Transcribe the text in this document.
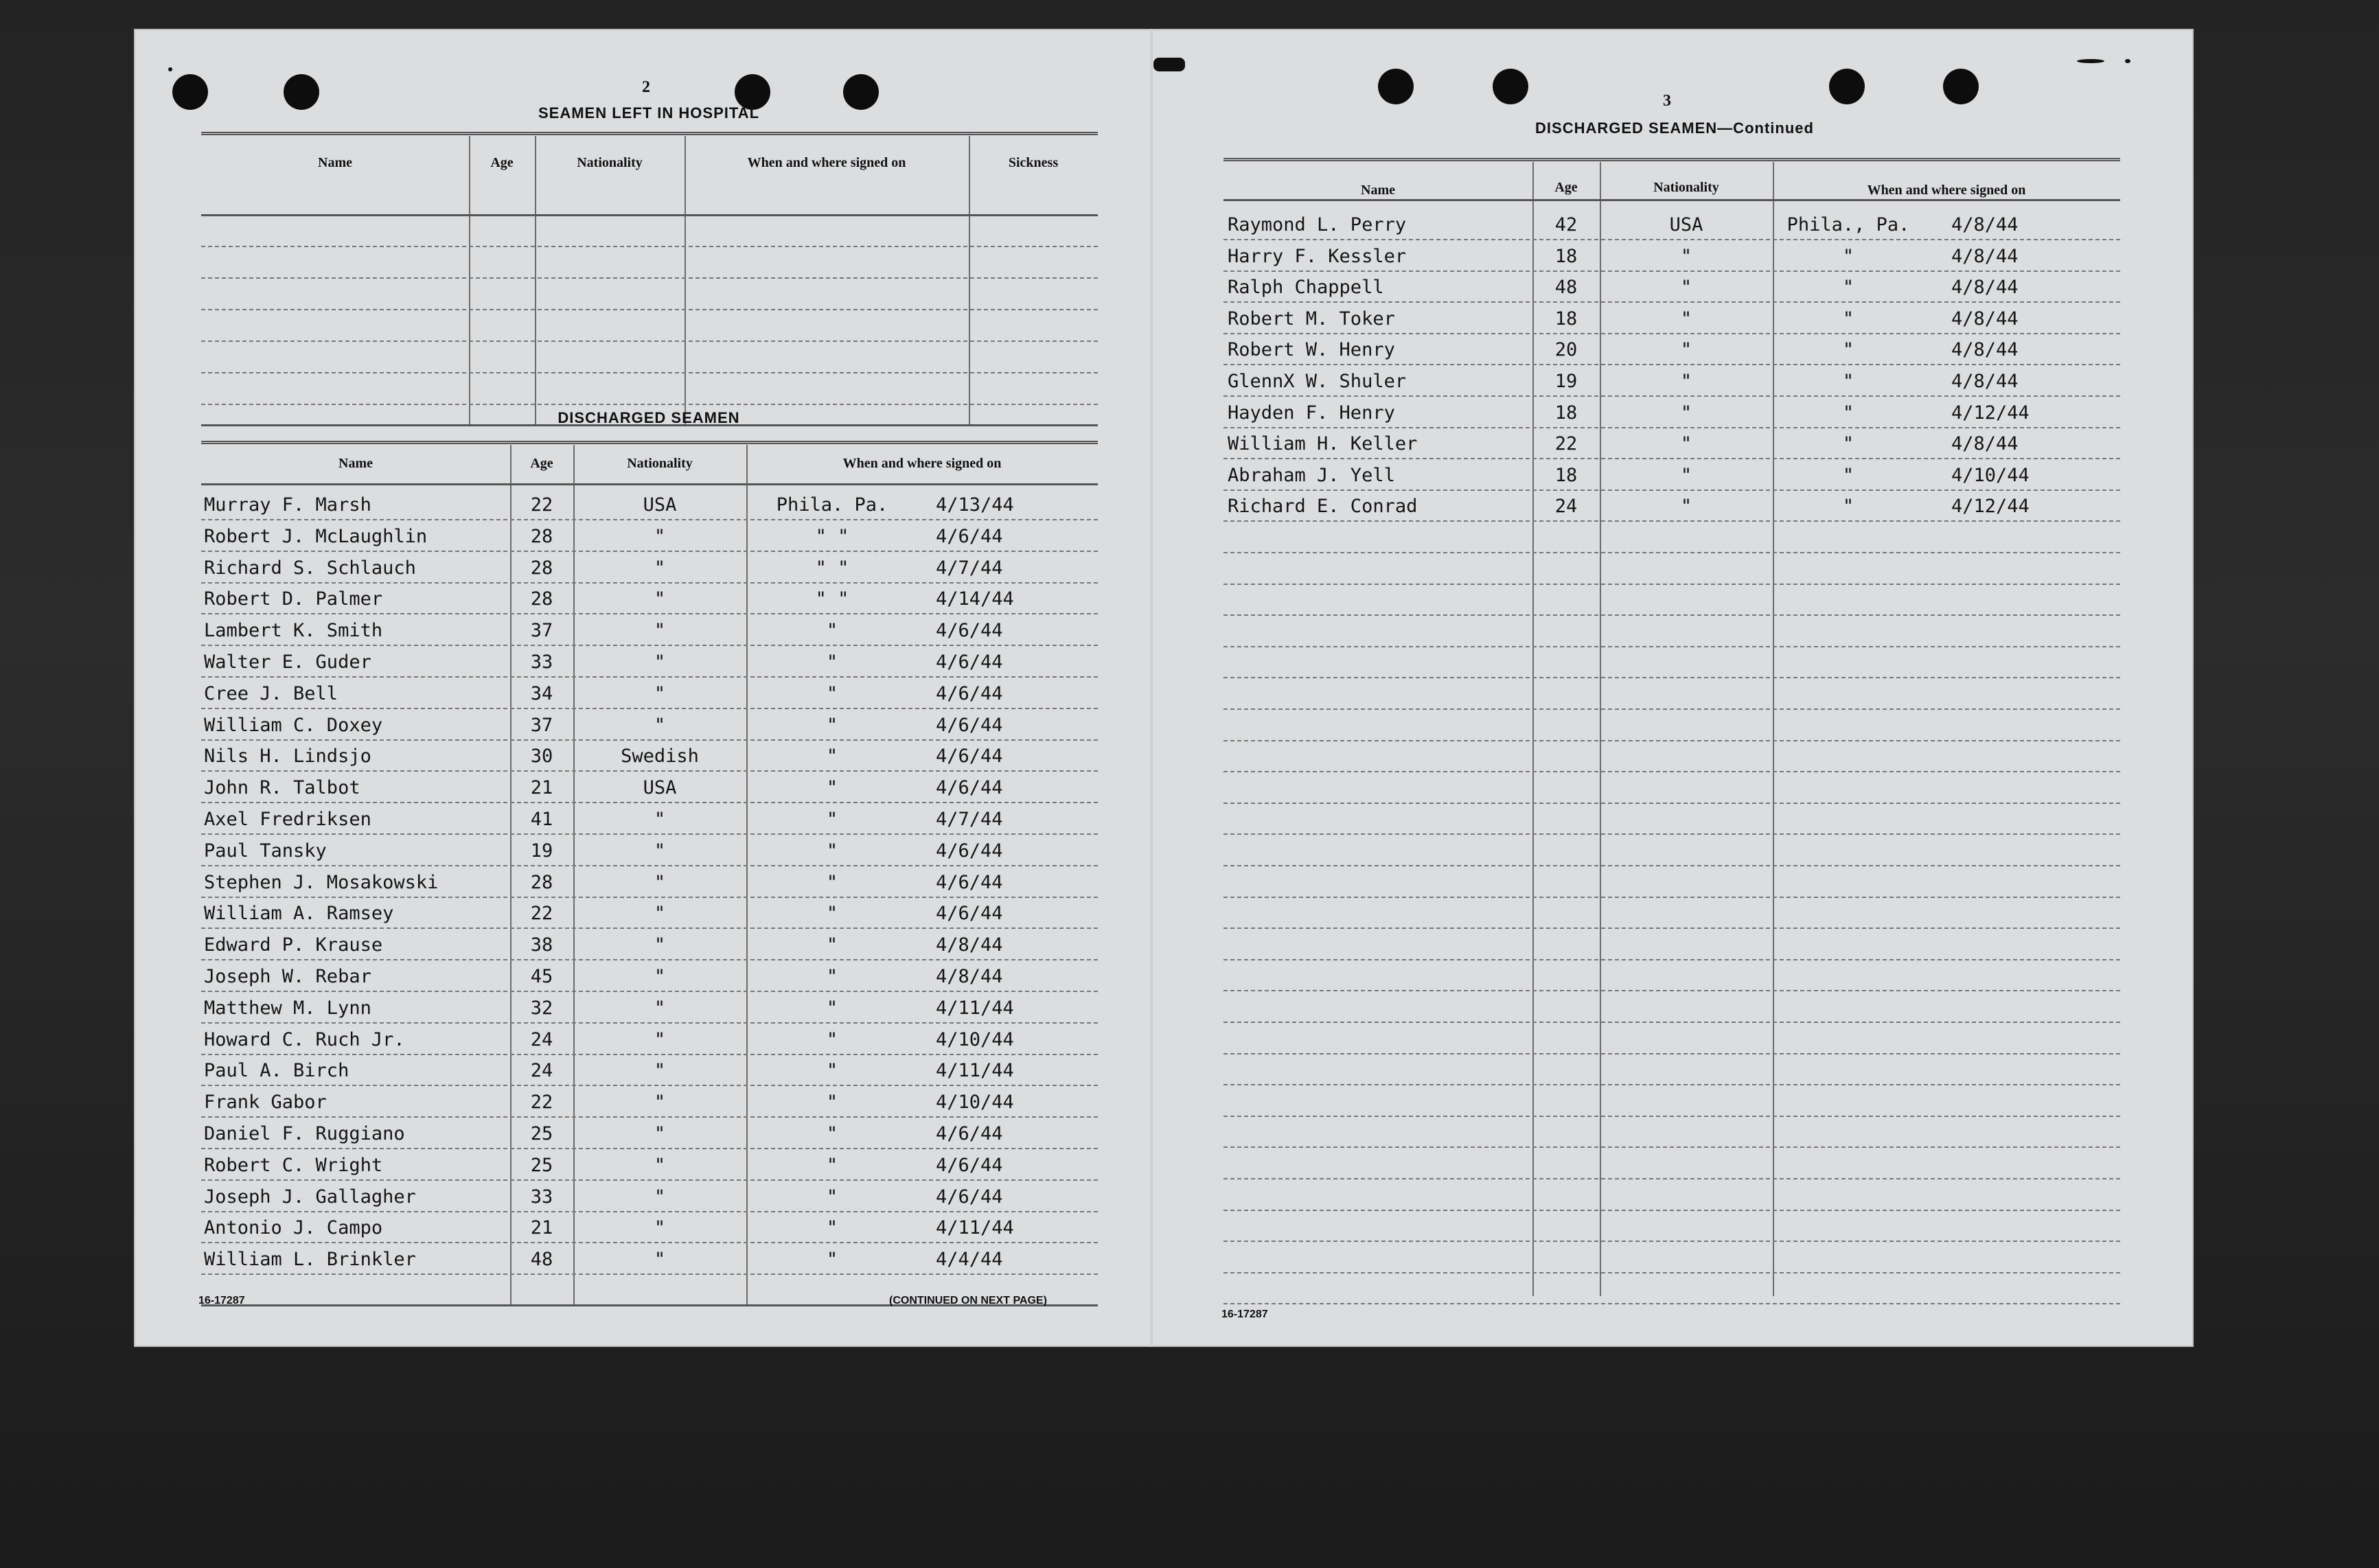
2
SEAMEN LEFT IN HOSPITAL
Name	Age	Nationality	When and where signed on	Sickness
DISCHARGED SEAMEN
Name	Age	Nationality	When and where signed on
Murray F. Marsh	22	USA	Phila. Pa.	4/13/44
Robert J. McLaughlin	28	"	" "	4/6/44
Richard S. Schlauch	28	"	" "	4/7/44
Robert D. Palmer	28	"	" "	4/14/44
Lambert K. Smith	37	"	"	4/6/44
Walter E. Guder	33	"	"	4/6/44
Cree J. Bell	34	"	"	4/6/44
William C. Doxey	37	"	"	4/6/44
Nils H. Lindsjo	30	Swedish	"	4/6/44
John R. Talbot	21	USA	"	4/6/44
Axel Fredriksen	41	"	"	4/7/44
Paul Tansky	19	"	"	4/6/44
Stephen J. Mosakowski	28	"	"	4/6/44
William A. Ramsey	22	"	"	4/6/44
Edward P. Krause	38	"	"	4/8/44
Joseph W. Rebar	45	"	"	4/8/44
Matthew M. Lynn	32	"	"	4/11/44
Howard C. Ruch Jr.	24	"	"	4/10/44
Paul A. Birch	24	"	"	4/11/44
Frank Gabor	22	"	"	4/10/44
Daniel F. Ruggiano	25	"	"	4/6/44
Robert C. Wright	25	"	"	4/6/44
Joseph J. Gallagher	33	"	"	4/6/44
Antonio J. Campo	21	"	"	4/11/44
William L. Brinkler	48	"	"	4/4/44
16-17287	(CONTINUED ON NEXT PAGE)
3
DISCHARGED SEAMEN—Continued
Name	Age	Nationality	When and where signed on
Raymond L. Perry	42	USA	Phila., Pa.	4/8/44
Harry F. Kessler	18	"	"	4/8/44
Ralph Chappell	48	"	"	4/8/44
Robert M. Toker	18	"	"	4/8/44
Robert W. Henry	20	"	"	4/8/44
GlennX W. Shuler	19	"	"	4/8/44
Hayden F. Henry	18	"	"	4/12/44
William H. Keller	22	"	"	4/8/44
Abraham J. Yell	18	"	"	4/10/44
Richard E. Conrad	24	"	"	4/12/44
16-17287
